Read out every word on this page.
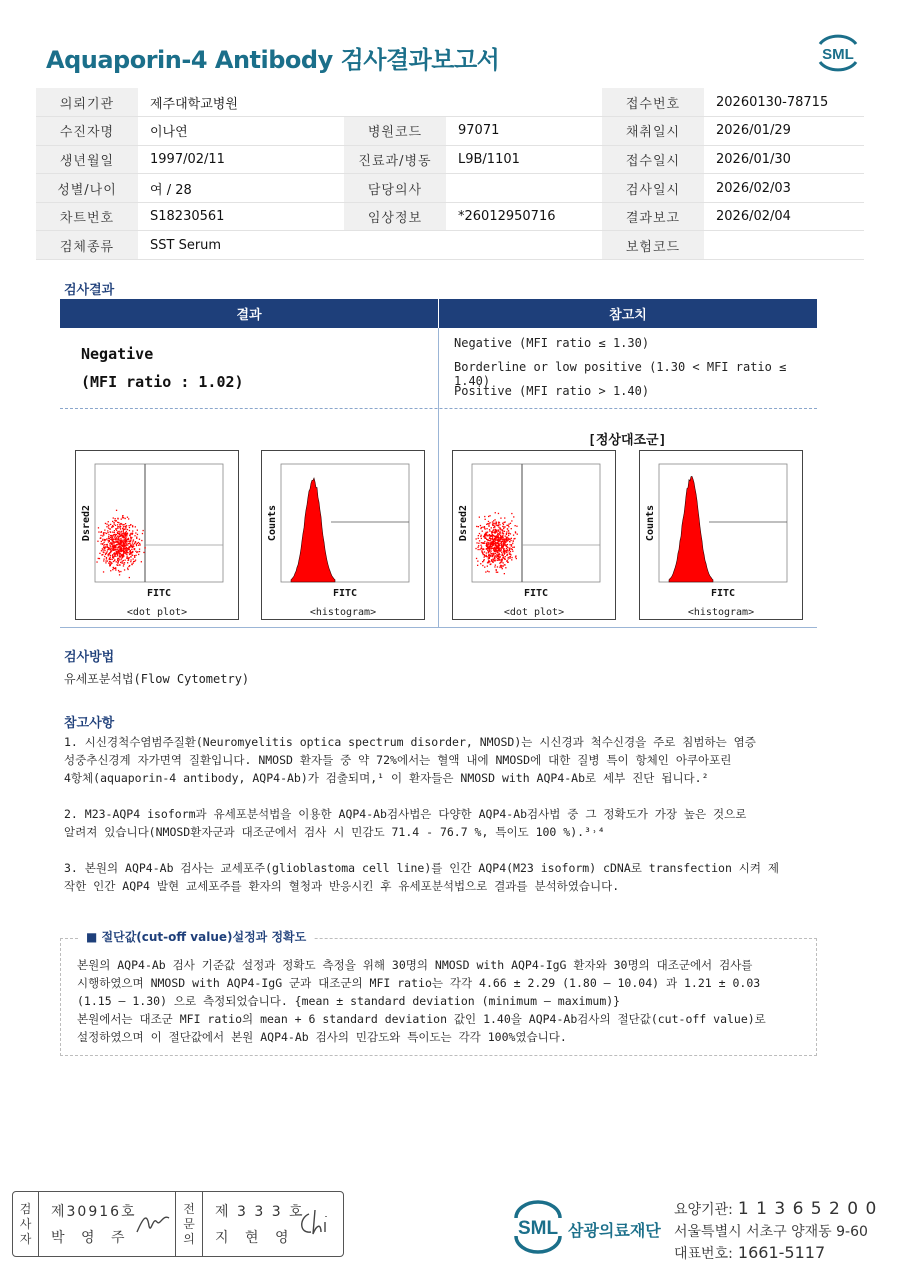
Aquaporin-4 Antibody 검사결과보고서	SML
의뢰기관	제주대학교병원			접수번호	20260130-78715
수진자명	이나연	병원코드	97071	채취일시	2026/01/29
생년월일	1997/02/11	진료과/병동	L9B/1101	접수일시	2026/01/30
성별/나이	여 / 28	담당의사		검사일시	2026/02/03
차트번호	S18230561	임상정보	*26012950716	결과보고	2026/02/04
검체종류	SST Serum			보험코드	
검사결과
결과	참고치
Negative
(MFI ratio : 1.02)
Negative (MFI ratio ≤ 1.30)
Borderline or low positive (1.30 < MFI ratio ≤ 1.40)
Positive (MFI ratio > 1.40)
[정상대조군]
Dsred2
FITC
<dot plot>
Counts
FITC
<histogram>
Dsred2
FITC
<dot plot>
Counts
FITC
<histogram>
검사방법
유세포분석법(Flow Cytometry)
참고사항
1. 시신경척수염범주질환(Neuromyelitis optica spectrum disorder, NMOSD)는 시신경과 척수신경을 주로 침범하는 염증
성중추신경계 자가면역 질환입니다. NMOSD 환자들 중 약 72%에서는 혈액 내에 NMOSD에 대한 질병 특이 항체인 아쿠아포린
4항체(aquaporin-4 antibody, AQP4-Ab)가 검출되며,¹ 이 환자들은 NMOSD with AQP4-Ab로 세부 진단 됩니다.²
2. M23-AQP4 isoform과 유세포분석법을 이용한 AQP4-Ab검사법은 다양한 AQP4-Ab검사법 중 그 정확도가 가장 높은 것으로
알려져 있습니다(NMOSD환자군과 대조군에서 검사 시 민감도 71.4 - 76.7 %, 특이도 100 %).³˒⁴
3. 본원의 AQP4-Ab 검사는 교세포주(glioblastoma cell line)를 인간 AQP4(M23 isoform) cDNA로 transfection 시켜 제
작한 인간 AQP4 발현 교세포주를 환자의 혈청과 반응시킨 후 유세포분석법으로 결과를 분석하였습니다.
■ 절단값(cut-off value)설정과 정확도
본원의 AQP4-Ab 검사 기준값 설정과 정확도 측정을 위해 30명의 NMOSD with AQP4-IgG 환자와 30명의 대조군에서 검사를
시행하였으며 NMOSD with AQP4-IgG 군과 대조군의 MFI ratio는 각각 4.66 ± 2.29 (1.80 – 10.04) 과 1.21 ± 0.03
(1.15 – 1.30) 으로 측정되었습니다. {mean ± standard deviation (minimum – maximum)}
본원에서는 대조군 MFI ratio의 mean + 6 standard deviation 값인 1.40을 AQP4-Ab검사의 절단값(cut-off value)로
설정하였으며 이 절단값에서 본원 AQP4-Ab 검사의 민감도와 특이도는 각각 100%였습니다.
검
사
자
제30916호
박 영 주
전
문
의
제 3 3 3 호
지 현 영	SML 삼광의료재단
요양기관: 1 1 3 6 5 2 0 0
서울특별시 서초구 양재동 9-60
대표번호: 1661-5117
